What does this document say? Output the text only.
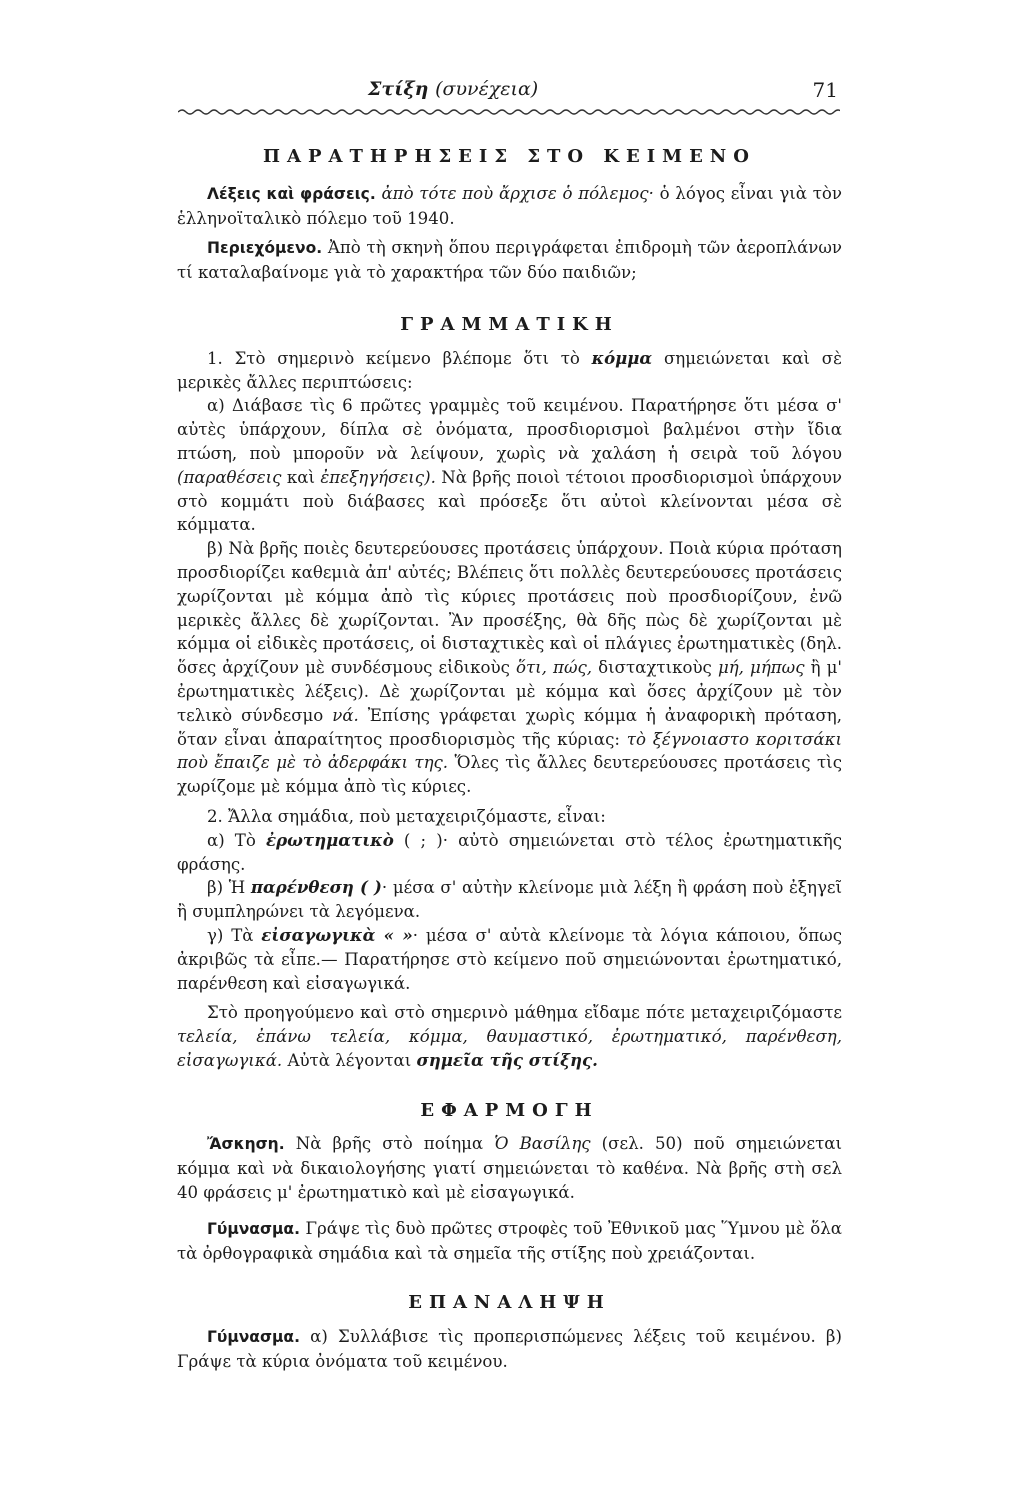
Στίξη (συνέχεια)	71
ΠΑΡΑΤΗΡΗΣΕΙΣ ΣΤΟ ΚΕΙΜΕΝΟ

Λέξεις καὶ φράσεις. ἀπὸ τότε ποὺ ἄρχισε ὁ πόλεμος· ὁ λόγος εἶναι γιὰ τὸν ἑλληνοϊταλικὸ πόλεμο τοῦ 1940.

Περιεχόμενο. Ἀπὸ τὴ σκηνὴ ὅπου περιγράφεται ἐπιδρομὴ τῶν ἀεροπλάνων τί καταλαβαίνομε γιὰ τὸ χαρακτήρα τῶν δύο παιδιῶν;

ΓΡΑΜΜΑΤΙΚΗ

1. Στὸ σημερινὸ κείμενο βλέπομε ὅτι τὸ κόμμα σημειώνεται καὶ σὲ μερικὲς ἄλλες περιπτώσεις:

α) Διάβασε τὶς 6 πρῶτες γραμμὲς τοῦ κειμένου. Παρατήρησε ὅτι μέσα σ' αὐτὲς ὑπάρχουν, δίπλα σὲ ὀνόματα, προσδιορισμοὶ βαλμένοι στὴν ἴδια πτώση, ποὺ μποροῦν νὰ λείψουν, χωρὶς νὰ χαλάση ἡ σειρὰ τοῦ λόγου (παραθέσεις καὶ ἐπεξηγήσεις). Νὰ βρῆς ποιοὶ τέτοιοι προσδιορισμοὶ ὑπάρχουν στὸ κομμάτι ποὺ διάβασες καὶ πρόσεξε ὅτι αὐτοὶ κλείνονται μέσα σὲ κόμματα.

β) Νὰ βρῆς ποιὲς δευτερεύουσες προτάσεις ὑπάρχουν. Ποιὰ κύρια πρόταση προσδιορίζει καθεμιὰ ἀπ' αὐτές; Βλέπεις ὅτι πολλὲς δευτερεύουσες προτάσεις χωρίζονται μὲ κόμμα ἀπὸ τὶς κύριες προτάσεις ποὺ προσδιορίζουν, ἐνῶ μερικὲς ἄλλες δὲ χωρίζονται. Ἂν προσέξης, θὰ δῆς πὼς δὲ χωρίζονται μὲ κόμμα οἱ εἰδικὲς προτάσεις, οἱ δισταχτικὲς καὶ οἱ πλάγιες ἐρωτηματικὲς (δηλ. ὅσες ἀρχίζουν μὲ συνδέσμους εἰδικοὺς ὅτι, πώς, δισταχτικοὺς μή, μήπως ἢ μ' ἐρωτηματικὲς λέξεις). Δὲ χωρίζονται μὲ κόμμα καὶ ὅσες ἀρχίζουν μὲ τὸν τελικὸ σύνδεσμο νά. Ἐπίσης γράφεται χωρὶς κόμμα ἡ ἀναφορικὴ πρόταση, ὅταν εἶναι ἀπαραίτητος προσδιορισμὸς τῆς κύριας: τὸ ξέγνοιαστο κοριτσάκι ποὺ ἔπαιζε μὲ τὸ ἀδερφάκι της. Ὅλες τὶς ἄλλες δευτερεύουσες προτάσεις τὶς χωρίζομε μὲ κόμμα ἀπὸ τὶς κύριες.

2. Ἄλλα σημάδια, ποὺ μεταχειριζόμαστε, εἶναι:

α) Τὸ ἐρωτηματικὸ ( ; )· αὐτὸ σημειώνεται στὸ τέλος ἐρωτηματικῆς φράσης.

β) Ἡ παρένθεση ( )· μέσα σ' αὐτὴν κλείνομε μιὰ λέξη ἢ φράση ποὺ ἐξηγεῖ ἢ συμπληρώνει τὰ λεγόμενα.

γ) Τὰ εἰσαγωγικὰ « »· μέσα σ' αὐτὰ κλείνομε τὰ λόγια κάποιου, ὅπως ἀκριβῶς τὰ εἶπε.— Παρατήρησε στὸ κείμενο ποῦ σημειώνονται ἐρωτηματικό, παρένθεση καὶ εἰσαγωγικά.

Στὸ προηγούμενο καὶ στὸ σημερινὸ μάθημα εἴδαμε πότε μεταχειριζόμαστε τελεία, ἐπάνω τελεία, κόμμα, θαυμαστικό, ἐρωτηματικό, παρένθεση, εἰσαγωγικά. Αὐτὰ λέγονται σημεῖα τῆς στίξης.

ΕΦΑΡΜΟΓΗ

Ἄσκηση. Νὰ βρῆς στὸ ποίημα Ὁ Βασίλης (σελ. 50) ποῦ σημειώνεται κόμμα καὶ νὰ δικαιολογήσης γιατί σημειώνεται τὸ καθένα. Νὰ βρῆς στὴ σελ 40 φράσεις μ' ἐρωτηματικὸ καὶ μὲ εἰσαγωγικά.

Γύμνασμα. Γράψε τὶς δυὸ πρῶτες στροφὲς τοῦ Ἐθνικοῦ μας Ὕμνου μὲ ὅλα τὰ ὀρθογραφικὰ σημάδια καὶ τὰ σημεῖα τῆς στίξης ποὺ χρειάζονται.

ΕΠΑΝΑΛΗΨΗ

Γύμνασμα. α) Συλλάβισε τὶς προπερισπώμενες λέξεις τοῦ κειμένου. β) Γράψε τὰ κύρια ὀνόματα τοῦ κειμένου.
